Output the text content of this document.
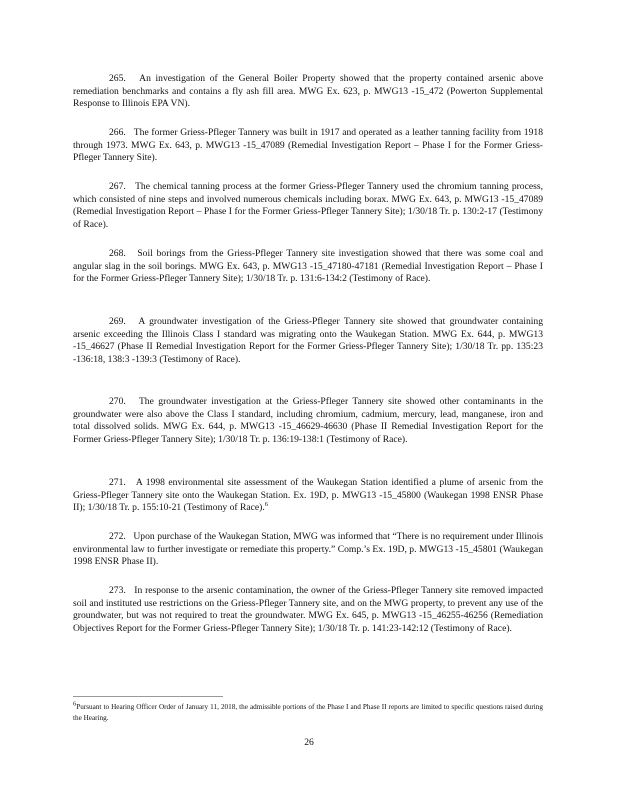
265. An investigation of the General Boiler Property showed that the property contained arsenic above remediation benchmarks and contains a fly ash fill area. MWG Ex. 623, p. MWG13 -15_472 (Powerton Supplemental Response to Illinois EPA VN).

266. The former Griess-Pfleger Tannery was built in 1917 and operated as a leather tanning facility from 1918 through 1973. MWG Ex. 643, p. MWG13 -15_47089 (Remedial Investigation Report – Phase I for the Former Griess-Pfleger Tannery Site).

267. The chemical tanning process at the former Griess-Pfleger Tannery used the chromium tanning process, which consisted of nine steps and involved numerous chemicals including borax. MWG Ex. 643, p. MWG13 -15_47089 (Remedial Investigation Report – Phase I for the Former Griess-Pfleger Tannery Site); 1/30/18 Tr. p. 130:2-17 (Testimony of Race).

268. Soil borings from the Griess-Pfleger Tannery site investigation showed that there was some coal and angular slag in the soil borings. MWG Ex. 643, p. MWG13 -15_47180-47181 (Remedial Investigation Report – Phase I for the Former Griess-Pfleger Tannery Site); 1/30/18 Tr. p. 131:6-134:2 (Testimony of Race).

269. A groundwater investigation of the Griess-Pfleger Tannery site showed that groundwater containing arsenic exceeding the Illinois Class I standard was migrating onto the Waukegan Station. MWG Ex. 644, p. MWG13 -15_46627 (Phase II Remedial Investigation Report for the Former Griess-Pfleger Tannery Site); 1/30/18 Tr. pp. 135:23 -136:18, 138:3 -139:3 (Testimony of Race).

270. The groundwater investigation at the Griess-Pfleger Tannery site showed other contaminants in the groundwater were also above the Class I standard, including chromium, cadmium, mercury, lead, manganese, iron and total dissolved solids. MWG Ex. 644, p. MWG13 -15_46629-46630 (Phase II Remedial Investigation Report for the Former Griess-Pfleger Tannery Site); 1/30/18 Tr. p. 136:19-138:1 (Testimony of Race).

271. A 1998 environmental site assessment of the Waukegan Station identified a plume of arsenic from the Griess-Pfleger Tannery site onto the Waukegan Station. Ex. 19D, p. MWG13 -15_45800 (Waukegan 1998 ENSR Phase II); 1/30/18 Tr. p. 155:10-21 (Testimony of Race).$^6$

272. Upon purchase of the Waukegan Station, MWG was informed that “There is no requirement under Illinois environmental law to further investigate or remediate this property.” Comp.’s Ex. 19D, p. MWG13 -15_45801 (Waukegan 1998 ENSR Phase II).

273. In response to the arsenic contamination, the owner of the Griess-Pfleger Tannery site removed impacted soil and instituted use restrictions on the Griess-Pfleger Tannery site, and on the MWG property, to prevent any use of the groundwater, but was not required to treat the groundwater. MWG Ex. 645, p. MWG13 -15_46255-46256 (Remediation Objectives Report for the Former Griess-Pfleger Tannery Site); 1/30/18 Tr. p. 141:23-142:12 (Testimony of Race).

$^6$Pursuant to Hearing Officer Order of January 11, 2018, the admissible portions of the Phase I and Phase II reports are limited to specific questions raised during the Hearing.

26
